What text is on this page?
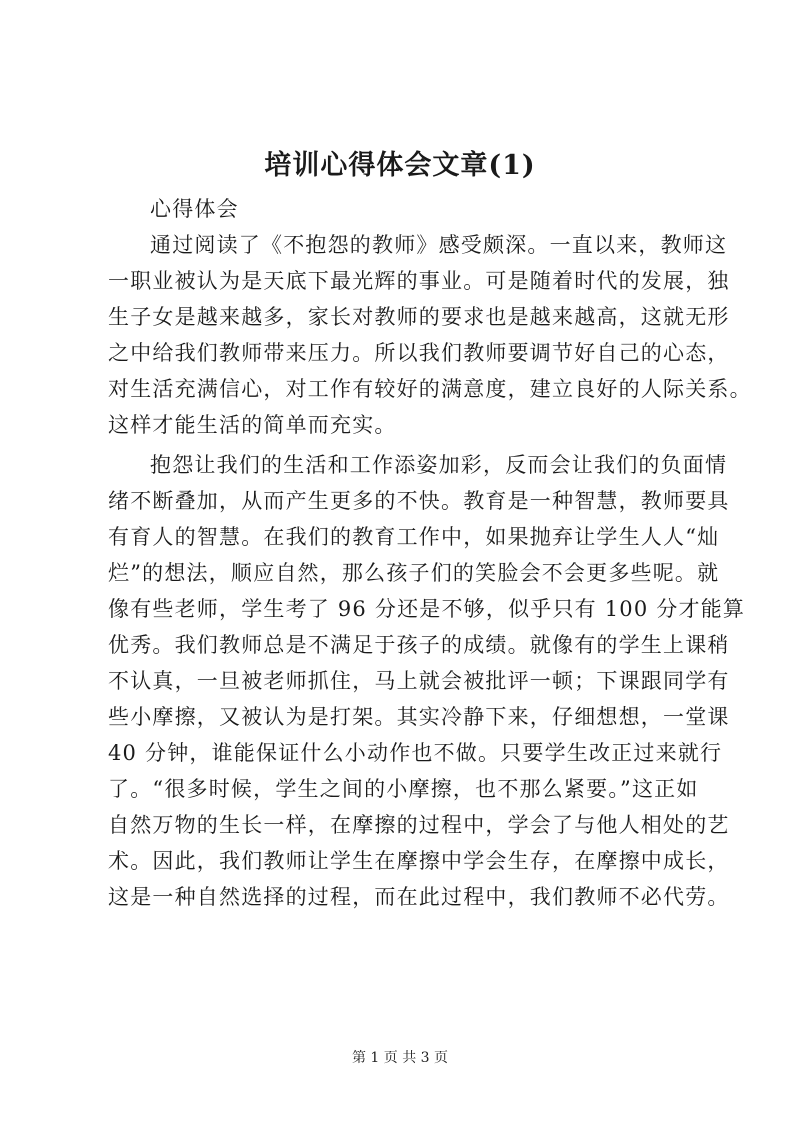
培训心得体会文章(1)
心得体会
通过阅读了《不抱怨的教师》感受颇深。一直以来，教师这
一职业被认为是天底下最光辉的事业。可是随着时代的发展，独
生子女是越来越多，家长对教师的要求也是越来越高，这就无形
之中给我们教师带来压力。所以我们教师要调节好自己的心态，
对生活充满信心，对工作有较好的满意度，建立良好的人际关系。
这样才能生活的简单而充实。
抱怨让我们的生活和工作添姿加彩，反而会让我们的负面情
绪不断叠加，从而产生更多的不快。教育是一种智慧，教师要具
有育人的智慧。在我们的教育工作中，如果抛弃让学生人人“灿
烂”的想法，顺应自然，那么孩子们的笑脸会不会更多些呢。就
像有些老师，学生考了 96 分还是不够，似乎只有 100 分才能算
优秀。我们教师总是不满足于孩子的成绩。就像有的学生上课稍
不认真，一旦被老师抓住，马上就会被批评一顿；下课跟同学有
些小摩擦，又被认为是打架。其实冷静下来，仔细想想，一堂课
40 分钟，谁能保证什么小动作也不做。只要学生改正过来就行
了。“很多时候，学生之间的小摩擦，也不那么紧要。”这正如
自然万物的生长一样，在摩擦的过程中，学会了与他人相处的艺
术。因此，我们教师让学生在摩擦中学会生存，在摩擦中成长，
这是一种自然选择的过程，而在此过程中，我们教师不必代劳。
第 1 页 共 3 页
